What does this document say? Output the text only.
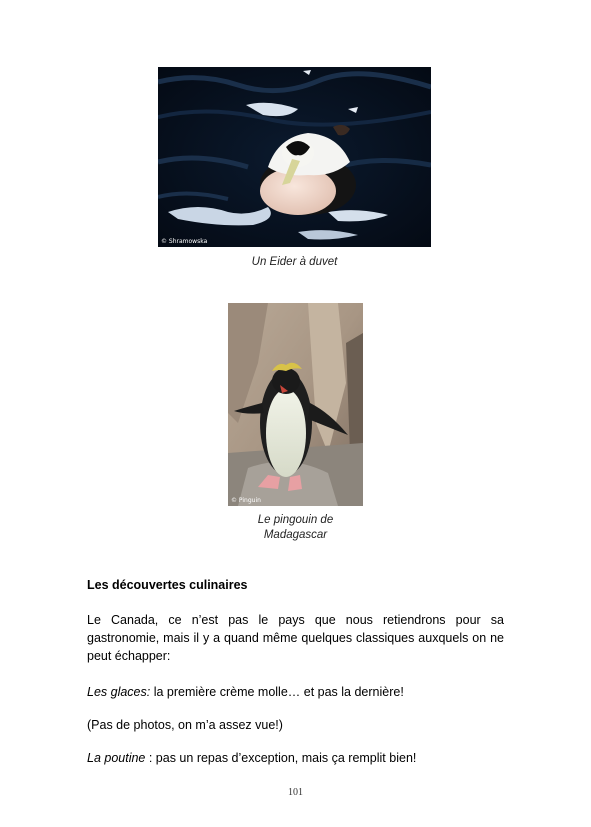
© Shramowska
Un Eider à duvet
© Pinguin
Le pingouin de
Madagascar
Les découvertes culinaires
Le Canada, ce n’est pas le pays que nous retiendrons pour sa gastronomie, mais il y a quand même quelques classiques auxquels on ne peut échapper:
Les glaces: la première crème molle… et pas la dernière!
(Pas de photos, on m’a assez vue!)
La poutine : pas un repas d’exception, mais ça remplit bien!
101
